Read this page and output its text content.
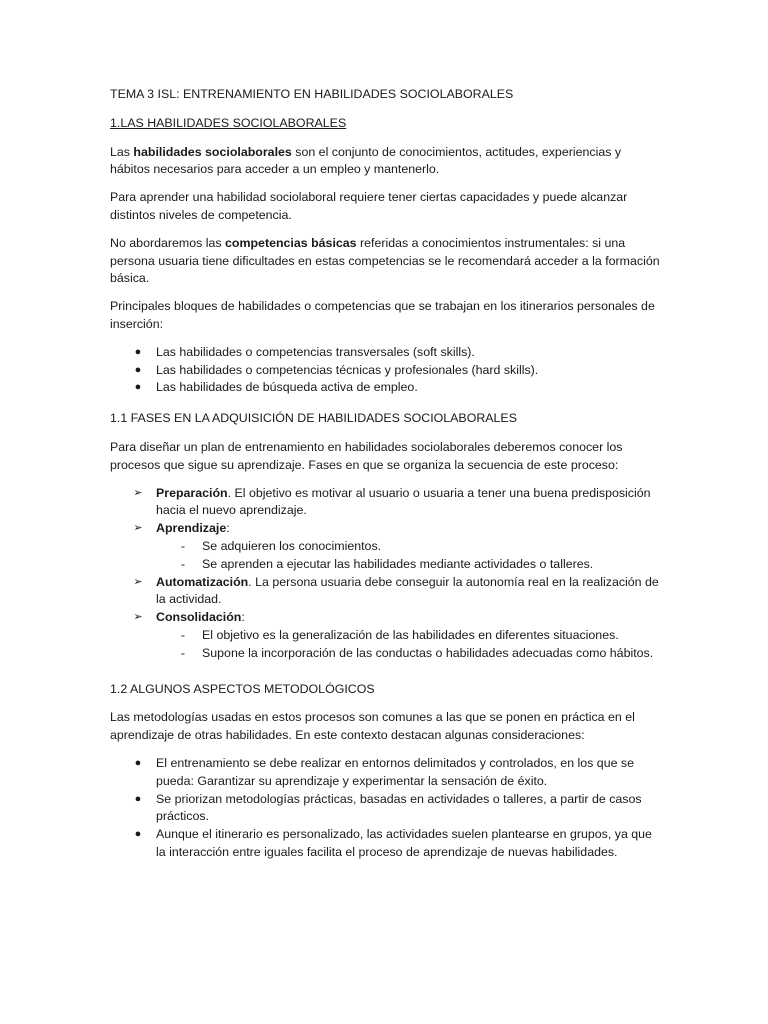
TEMA 3 ISL: ENTRENAMIENTO EN HABILIDADES SOCIOLABORALES

1.LAS HABILIDADES SOCIOLABORALES

Las habilidades sociolaborales son el conjunto de conocimientos, actitudes, experiencias y hábitos necesarios para acceder a un empleo y mantenerlo.

Para aprender una habilidad sociolaboral requiere tener ciertas capacidades y puede alcanzar distintos niveles de competencia.

No abordaremos las competencias básicas referidas a conocimientos instrumentales: si una persona usuaria tiene dificultades en estas competencias se le recomendará acceder a la formación básica.

Principales bloques de habilidades o competencias que se trabajan en los itinerarios personales de inserción:

● Las habilidades o competencias transversales (soft skills).
● Las habilidades o competencias técnicas y profesionales (hard skills).
● Las habilidades de búsqueda activa de empleo.

1.1 FASES EN LA ADQUISICIÓN DE HABILIDADES SOCIOLABORALES

Para diseñar un plan de entrenamiento en habilidades sociolaborales deberemos conocer los procesos que sigue su aprendizaje. Fases en que se organiza la secuencia de este proceso:

➢ Preparación. El objetivo es motivar al usuario o usuaria a tener una buena predisposición hacia el nuevo aprendizaje.
➢ Aprendizaje:
- Se adquieren los conocimientos.
- Se aprenden a ejecutar las habilidades mediante actividades o talleres.
➢ Automatización. La persona usuaria debe conseguir la autonomía real en la realización de la actividad.
➢ Consolidación:
- El objetivo es la generalización de las habilidades en diferentes situaciones.
- Supone la incorporación de las conductas o habilidades adecuadas como hábitos.

1.2 ALGUNOS ASPECTOS METODOLÓGICOS

Las metodologías usadas en estos procesos son comunes a las que se ponen en práctica en el aprendizaje de otras habilidades. En este contexto destacan algunas consideraciones:

● El entrenamiento se debe realizar en entornos delimitados y controlados, en los que se pueda: Garantizar su aprendizaje y experimentar la sensación de éxito.
● Se priorizan metodologías prácticas, basadas en actividades o talleres, a partir de casos prácticos.
● Aunque el itinerario es personalizado, las actividades suelen plantearse en grupos, ya que la interacción entre iguales facilita el proceso de aprendizaje de nuevas habilidades.
